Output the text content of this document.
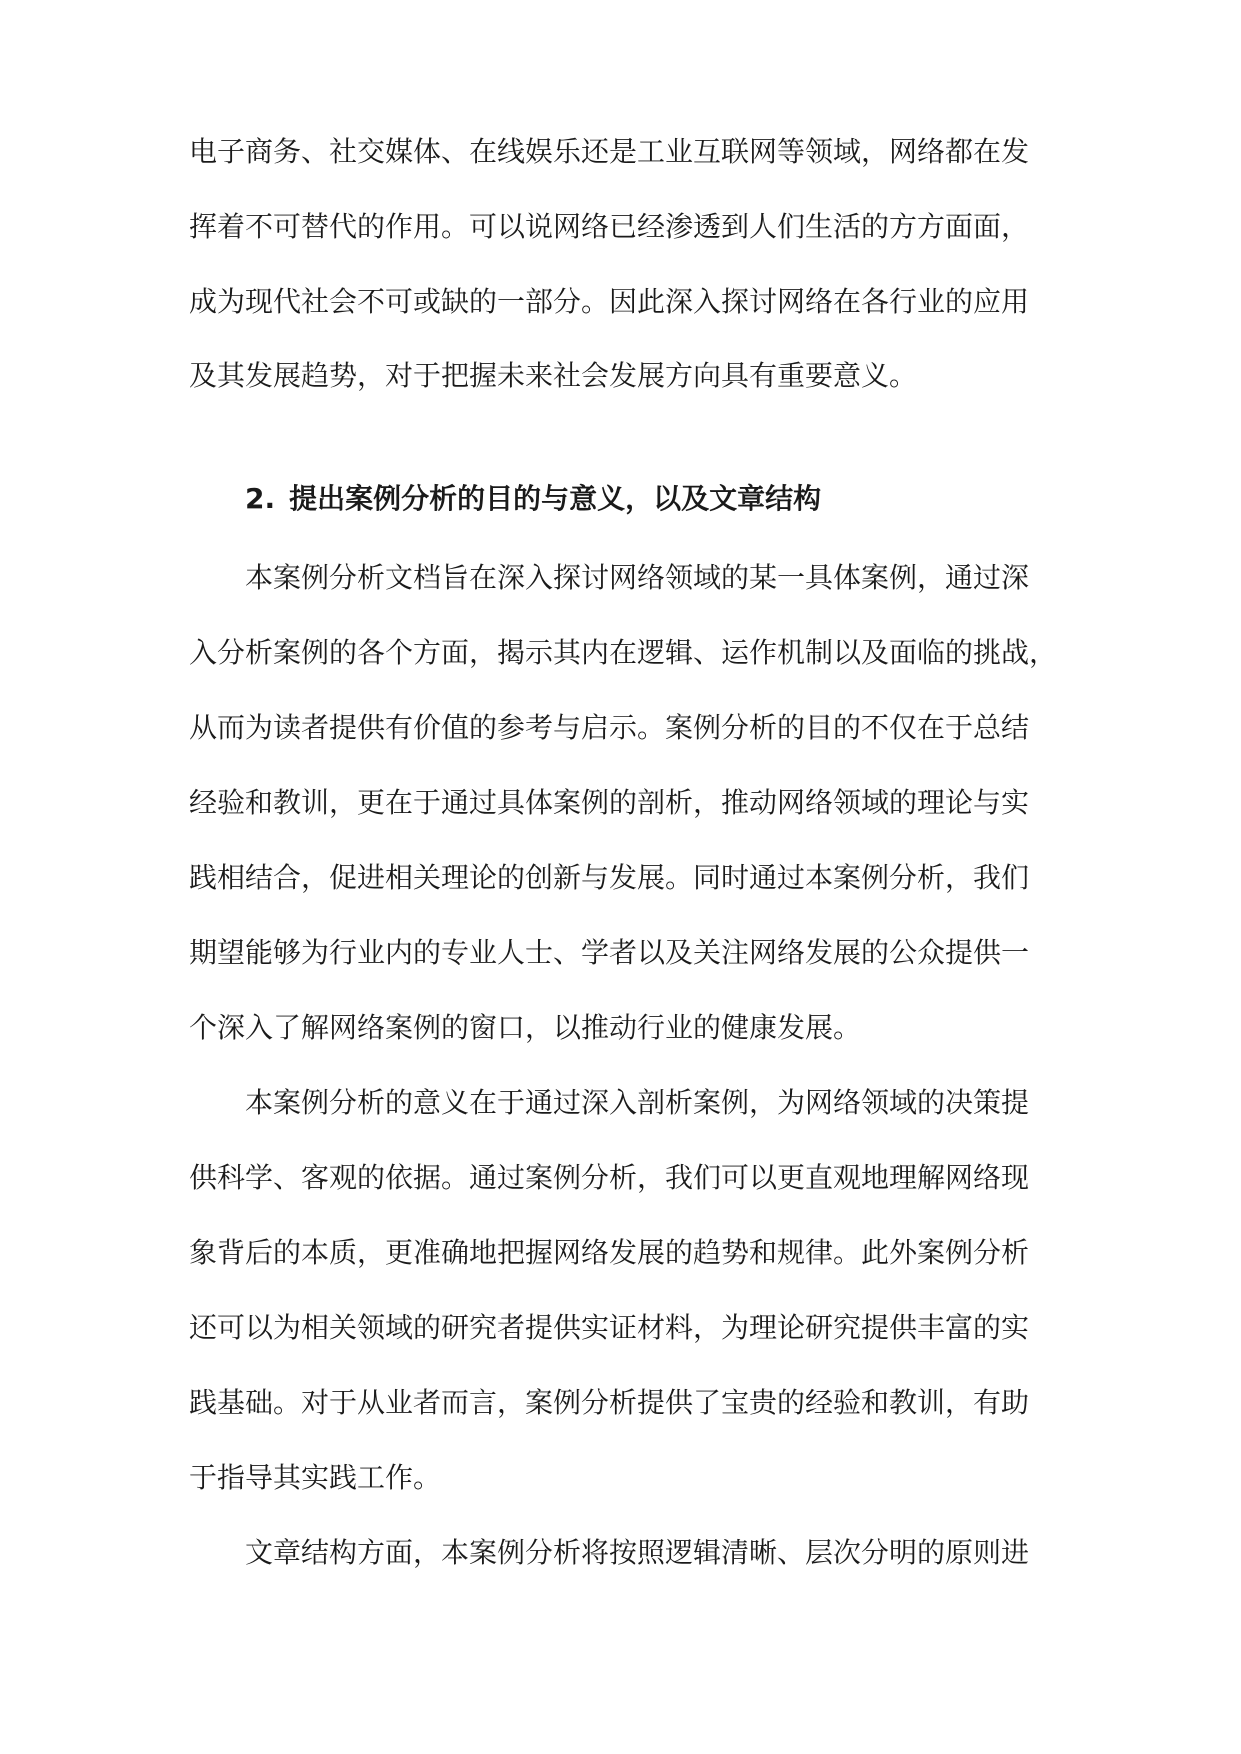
电子商务、社交媒体、在线娱乐还是工业互联网等领域，网络都在发
挥着不可替代的作用。可以说网络已经渗透到人们生活的方方面面，
成为现代社会不可或缺的一部分。因此深入探讨网络在各行业的应用
及其发展趋势，对于把握未来社会发展方向具有重要意义。
2. 提出案例分析的目的与意义，以及文章结构
本案例分析文档旨在深入探讨网络领域的某一具体案例，通过深
入分析案例的各个方面，揭示其内在逻辑、运作机制以及面临的挑战，
从而为读者提供有价值的参考与启示。案例分析的目的不仅在于总结
经验和教训，更在于通过具体案例的剖析，推动网络领域的理论与实
践相结合，促进相关理论的创新与发展。同时通过本案例分析，我们
期望能够为行业内的专业人士、学者以及关注网络发展的公众提供一
个深入了解网络案例的窗口，以推动行业的健康发展。
本案例分析的意义在于通过深入剖析案例，为网络领域的决策提
供科学、客观的依据。通过案例分析，我们可以更直观地理解网络现
象背后的本质，更准确地把握网络发展的趋势和规律。此外案例分析
还可以为相关领域的研究者提供实证材料，为理论研究提供丰富的实
践基础。对于从业者而言，案例分析提供了宝贵的经验和教训，有助
于指导其实践工作。
文章结构方面，本案例分析将按照逻辑清晰、层次分明的原则进
